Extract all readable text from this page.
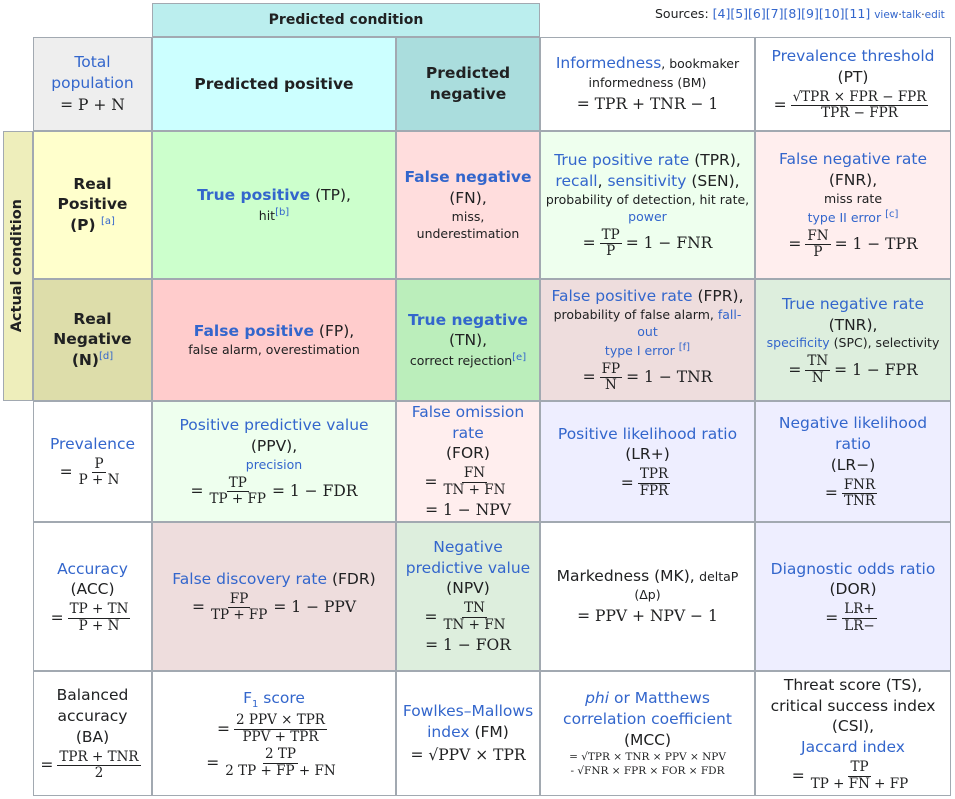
Sources: [4][5][6][7][8][9][10][11] view·talk·edit
Predicted condition
Actual condition
Total population
= P + N
Predicted positive
Predicted negative
Informedness, bookmaker informedness (BM)
= TPR + TNR − 1
Prevalence threshold
(PT)
= $\frac{\text{√TPR × FPR − FPR}}{\text{TPR − FPR}}$
Real Positive
(P) [a]
True positive (TP),
hit[b]
False negative
(FN),
miss,
underestimation
True positive rate (TPR),
recall, sensitivity (SEN),
probability of detection, hit rate,
power
= $\frac{TP}{P} = 1$ − FNR
False negative rate
(FNR),
miss rate
type II error [c]
= $\frac{FN}{P} = 1$ − TPR
Real Negative
(N)[d]
False positive (FP),
false alarm, overestimation
True negative
(TN),
correct rejection[e]
False positive rate (FPR),
probability of false alarm, fall-out
type I error [f]
= $\frac{FP}{N} = 1$ − TNR
True negative rate
(TNR),
specificity (SPC), selectivity
= $\frac{TN}{N} = 1$ − FPR
Prevalence
= $\frac{P}{P + N}$
Positive predictive value (PPV),
precision
= $\frac{TP}{TP + FP} = 1$ − FDR
False omission rate
(FOR)
= $\frac{FN}{TN + FN}$
= 1 − NPV
Positive likelihood ratio
(LR+)
= $\frac{\text{TPR}}{\text{FPR}}$
Negative likelihood ratio
(LR−)
= $\frac{\text{FNR}}{\text{TNR}}$
Accuracy
(ACC)
= $\frac{TP + TN}{P + N}$
False discovery rate (FDR)
= $\frac{FP}{TP + FP} = 1$ − PPV
Negative predictive value
(NPV)
= $\frac{TN}{TN + FN}$
= 1 − FOR
Markedness (MK), deltaP
(Δp)
= PPV + NPV − 1
Diagnostic odds ratio
(DOR)
= $\frac{LR+}{LR-}$
Balanced accuracy
(BA)
= $\frac{\text{TPR + TNR}}{2}$
$F_1$ score
= $\frac{\text{2 PPV × TPR}}{\text{PPV + TPR}}$
= $\frac{2 TP}{2 TP + FP + FN}$
Fowlkes–Mallows index (FM)
= √PPV × TPR
phi or Matthews correlation coefficient
(MCC)
= √TPR × TNR × PPV × NPV
- √FNR × FPR × FOR × FDR
Threat score (TS), critical success index (CSI),
Jaccard index
= $\frac{TP}{TP + FN + FP}$
